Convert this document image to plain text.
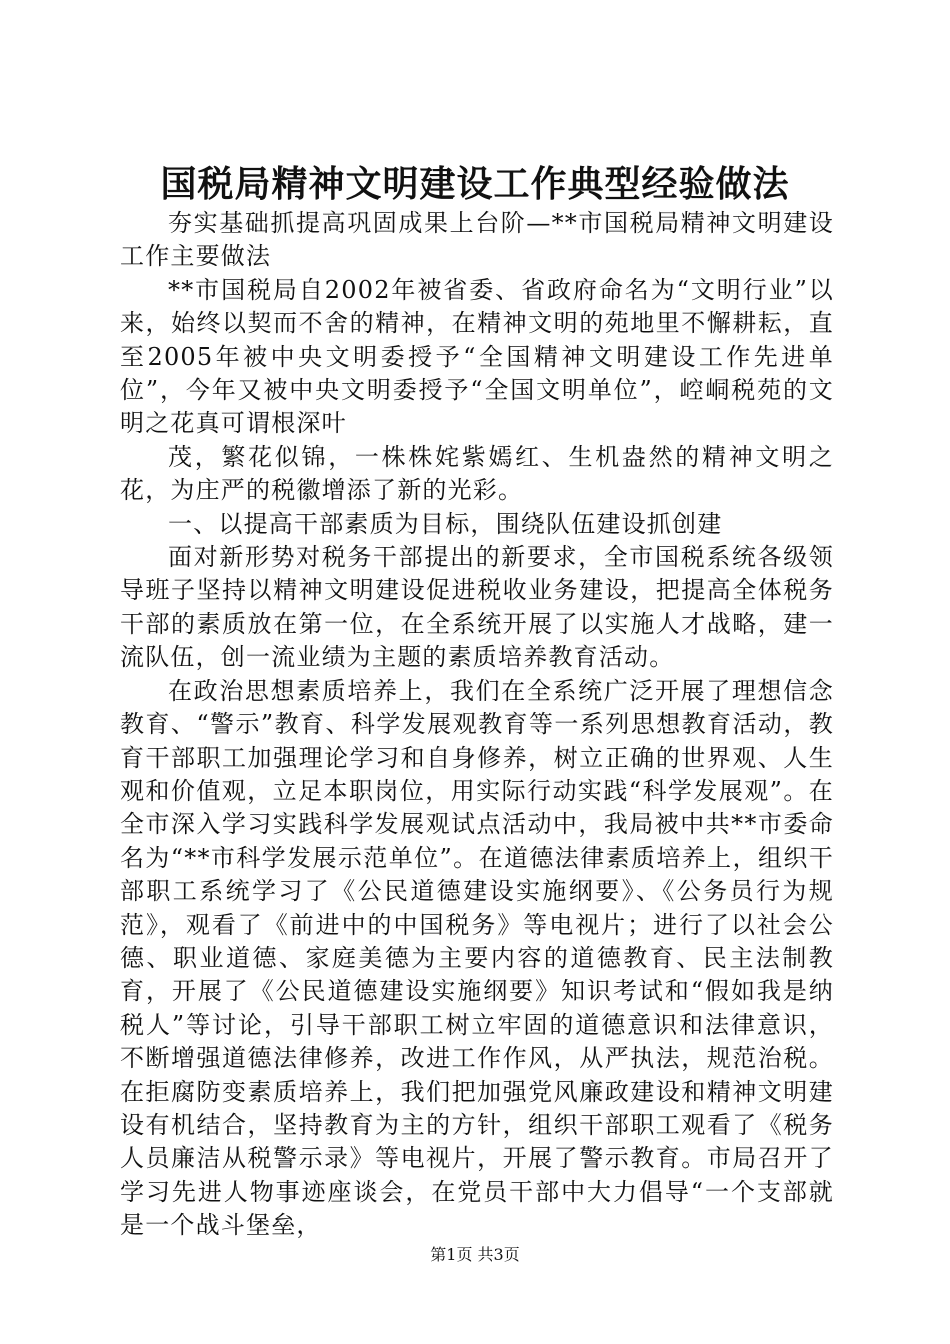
国税局精神文明建设工作典型经验做法

夯实基础抓提高巩固成果上台阶—**市国税局精神文明建设工作主要做法

**市国税局自2002年被省委、省政府命名为“文明行业”以来，始终以契而不舍的精神，在精神文明的苑地里不懈耕耘，直至2005年被中央文明委授予“全国精神文明建设工作先进单位”，今年又被中央文明委授予“全国文明单位”，崆峒税苑的文明之花真可谓根深叶

茂，繁花似锦，一株株姹紫嫣红、生机盎然的精神文明之花，为庄严的税徽增添了新的光彩。

一、以提高干部素质为目标，围绕队伍建设抓创建

面对新形势对税务干部提出的新要求，全市国税系统各级领导班子坚持以精神文明建设促进税收业务建设，把提高全体税务干部的素质放在第一位，在全系统开展了以实施人才战略，建一流队伍，创一流业绩为主题的素质培养教育活动。

在政治思想素质培养上，我们在全系统广泛开展了理想信念教育、“警示”教育、科学发展观教育等一系列思想教育活动，教育干部职工加强理论学习和自身修养，树立正确的世界观、人生观和价值观，立足本职岗位，用实际行动实践“科学发展观”。在全市深入学习实践科学发展观试点活动中，我局被中共**市委命名为“**市科学发展示范单位”。在道德法律素质培养上，组织干部职工系统学习了《公民道德建设实施纲要》、《公务员行为规范》，观看了《前进中的中国税务》等电视片；进行了以社会公德、职业道德、家庭美德为主要内容的道德教育、民主法制教育，开展了《公民道德建设实施纲要》知识考试和“假如我是纳税人”等讨论，引导干部职工树立牢固的道德意识和法律意识，不断增强道德法律修养，改进工作作风，从严执法，规范治税。在拒腐防变素质培养上，我们把加强党风廉政建设和精神文明建设有机结合，坚持教育为主的方针，组织干部职工观看了《税务人员廉洁从税警示录》等电视片，开展了警示教育。市局召开了学习先进人物事迹座谈会，在党员干部中大力倡导“一个支部就是一个战斗堡垒，

第1页 共3页
